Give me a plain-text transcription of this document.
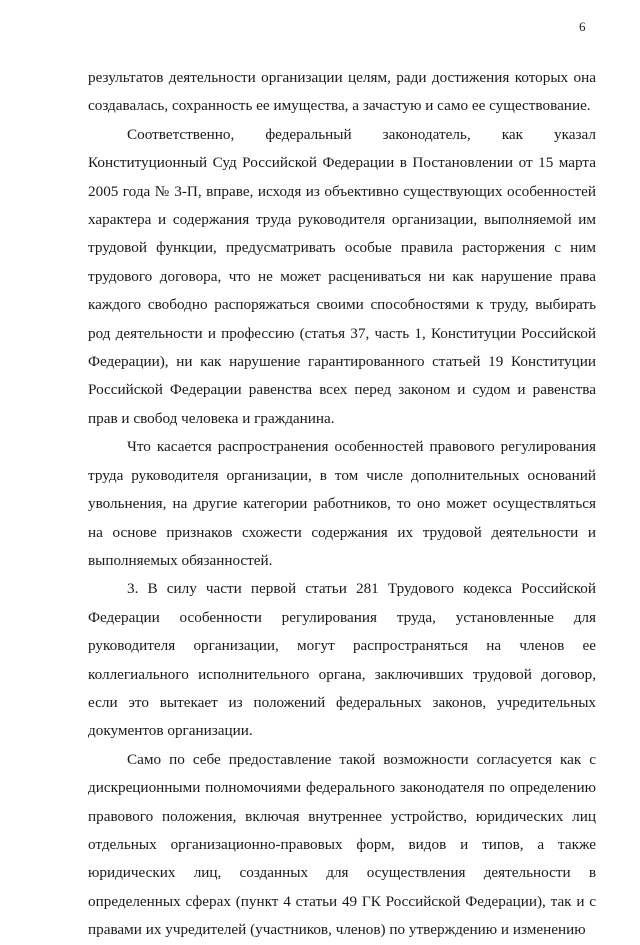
6

результатов деятельности организации целям, ради достижения которых она создавалась, сохранность ее имущества, а зачастую и само ее существование.

Соответственно, федеральный законодатель, как указал Конституционный Суд Российской Федерации в Постановлении от 15 марта 2005 года № 3-П, вправе, исходя из объективно существующих особенностей характера и содержания труда руководителя организации, выполняемой им трудовой функции, предусматривать особые правила расторжения с ним трудового договора, что не может расцениваться ни как нарушение права каждого свободно распоряжаться своими способностями к труду, выбирать род деятельности и профессию (статья 37, часть 1, Конституции Российской Федерации), ни как нарушение гарантированного статьей 19 Конституции Российской Федерации равенства всех перед законом и судом и равенства прав и свобод человека и гражданина.

Что касается распространения особенностей правового регулирования труда руководителя организации, в том числе дополнительных оснований увольнения, на другие категории работников, то оно может осуществляться на основе признаков схожести содержания их трудовой деятельности и выполняемых обязанностей.

3. В силу части первой статьи 281 Трудового кодекса Российской Федерации особенности регулирования труда, установленные для руководителя организации, могут распространяться на членов ее коллегиального исполнительного органа, заключивших трудовой договор, если это вытекает из положений федеральных законов, учредительных документов организации.

Само по себе предоставление такой возможности согласуется как с дискреционными полномочиями федерального законодателя по определению правового положения, включая внутреннее устройство, юридических лиц отдельных организационно-правовых форм, видов и типов, а также юридических лиц, созданных для осуществления деятельности в определенных сферах (пункт 4 статьи 49 ГК Российской Федерации), так и с правами их учредителей (участников, членов) по утверждению и изменению
